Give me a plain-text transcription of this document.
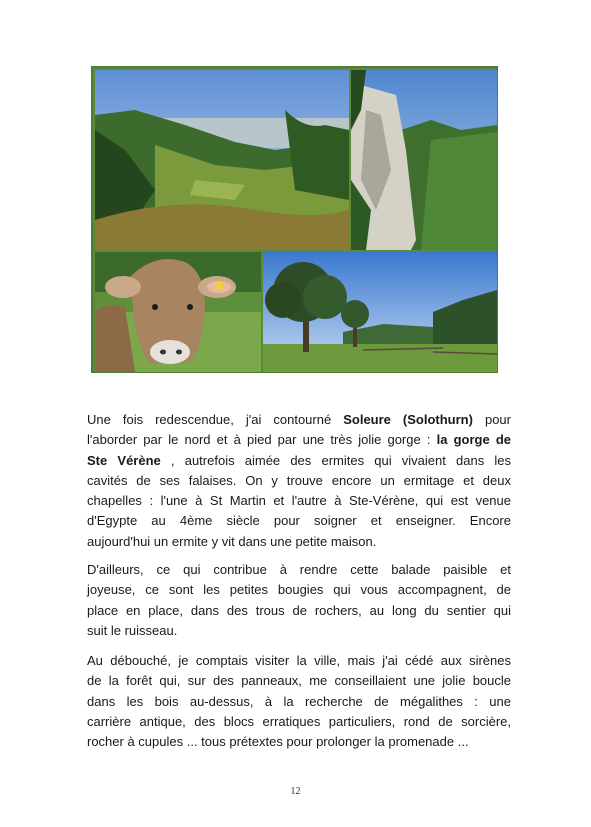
Une fois redescendue, j'ai contourné Soleure (Solothurn) pour
l'aborder par le nord et à pied par une très jolie gorge : la gorge de
Ste Vérène , autrefois aimée des ermites qui vivaient dans les
cavités de ses falaises. On y trouve encore un ermitage et deux
chapelles : l'une à St Martin et l'autre à Ste-Vérène, qui est venue
d'Egypte au 4ème siècle pour soigner et enseigner. Encore
aujourd'hui un ermite y vit dans une petite maison.
D'ailleurs, ce qui contribue à rendre cette balade paisible et
joyeuse, ce sont les petites bougies qui vous accompagnent, de
place en place, dans des trous de rochers, au long du sentier qui
suit le ruisseau.
Au débouché, je comptais visiter la ville, mais j'ai cédé aux sirènes
de la forêt qui, sur des panneaux, me conseillaient une jolie boucle
dans les bois au-dessus, à la recherche de mégalithes : une
carrière antique, des blocs erratiques particuliers, rond de sorcière,
rocher à cupules ... tous prétextes pour prolonger la promenade ...
12
